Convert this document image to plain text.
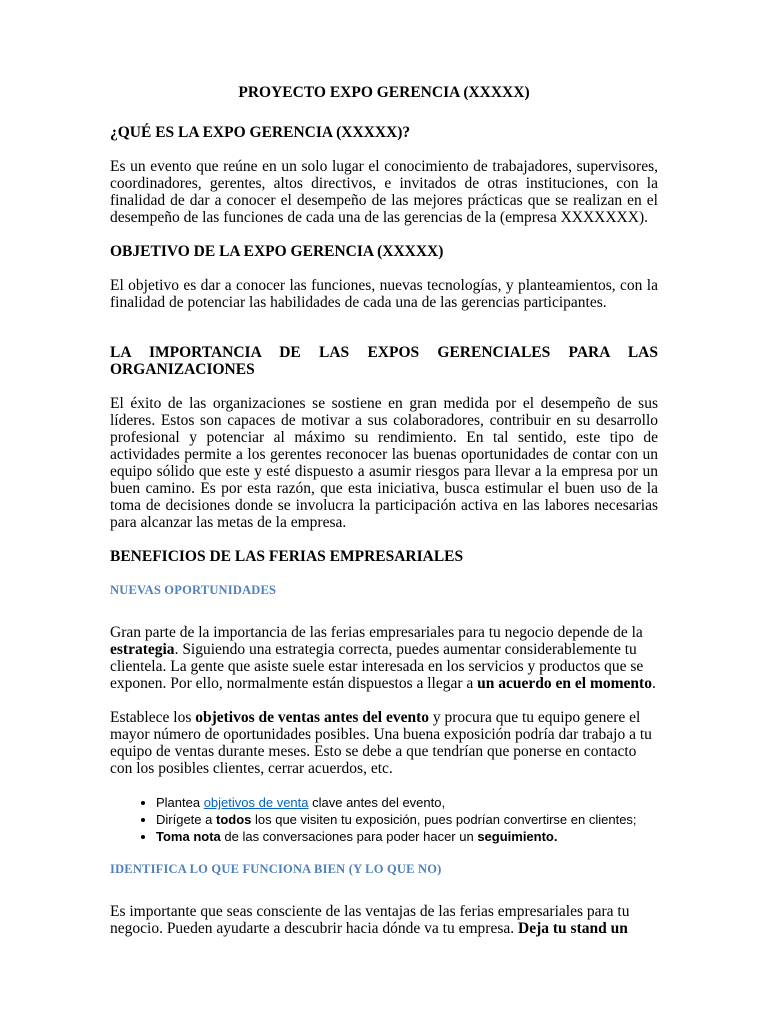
PROYECTO EXPO GERENCIA (XXXXX)
¿QUÉ ES LA EXPO GERENCIA (XXXXX)?

Es un evento que reúne en un solo lugar el conocimiento de trabajadores, supervisores, coordinadores, gerentes, altos directivos, e invitados de otras instituciones, con la finalidad de dar a conocer el desempeño de las mejores prácticas que se realizan en el desempeño de las funciones de cada una de las gerencias de la (empresa XXXXXXX).

OBJETIVO DE LA EXPO GERENCIA (XXXXX)

El objetivo es dar a conocer las funciones, nuevas tecnologías, y planteamientos, con la finalidad de potenciar las habilidades de cada una de las gerencias participantes.

LA IMPORTANCIA DE LAS EXPOS GERENCIALES PARA LAS ORGANIZACIONES

El éxito de las organizaciones se sostiene en gran medida por el desempeño de sus líderes. Estos son capaces de motivar a sus colaboradores, contribuir en su desarrollo profesional y potenciar al máximo su rendimiento. En tal sentido, este tipo de actividades permite a los gerentes reconocer las buenas oportunidades de contar con un equipo sólido que este y esté dispuesto a asumir riesgos para llevar a la empresa por un buen camino. Es por esta razón, que esta iniciativa, busca estimular el buen uso de la toma de decisiones donde se involucra la participación activa en las labores necesarias para alcanzar las metas de la empresa.

BENEFICIOS DE LAS FERIAS EMPRESARIALES
NUEVAS OPORTUNIDADES

Gran parte de la importancia de las ferias empresariales para tu negocio depende de la estrategia. Siguiendo una estrategia correcta, puedes aumentar considerablemente tu clientela. La gente que asiste suele estar interesada en los servicios y productos que se exponen. Por ello, normalmente están dispuestos a llegar a un acuerdo en el momento.

Establece los objetivos de ventas antes del evento y procura que tu equipo genere el mayor número de oportunidades posibles. Una buena exposición podría dar trabajo a tu equipo de ventas durante meses. Esto se debe a que tendrían que ponerse en contacto con los posibles clientes, cerrar acuerdos, etc.

• Plantea objetivos de venta clave antes del evento,
• Dirígete a todos los que visiten tu exposición, pues podrían convertirse en clientes;
• Toma nota de las conversaciones para poder hacer un seguimiento.
IDENTIFICA LO QUE FUNCIONA BIEN (Y LO QUE NO)

Es importante que seas consciente de las ventajas de las ferias empresariales para tu negocio. Pueden ayudarte a descubrir hacia dónde va tu empresa. Deja tu stand un
